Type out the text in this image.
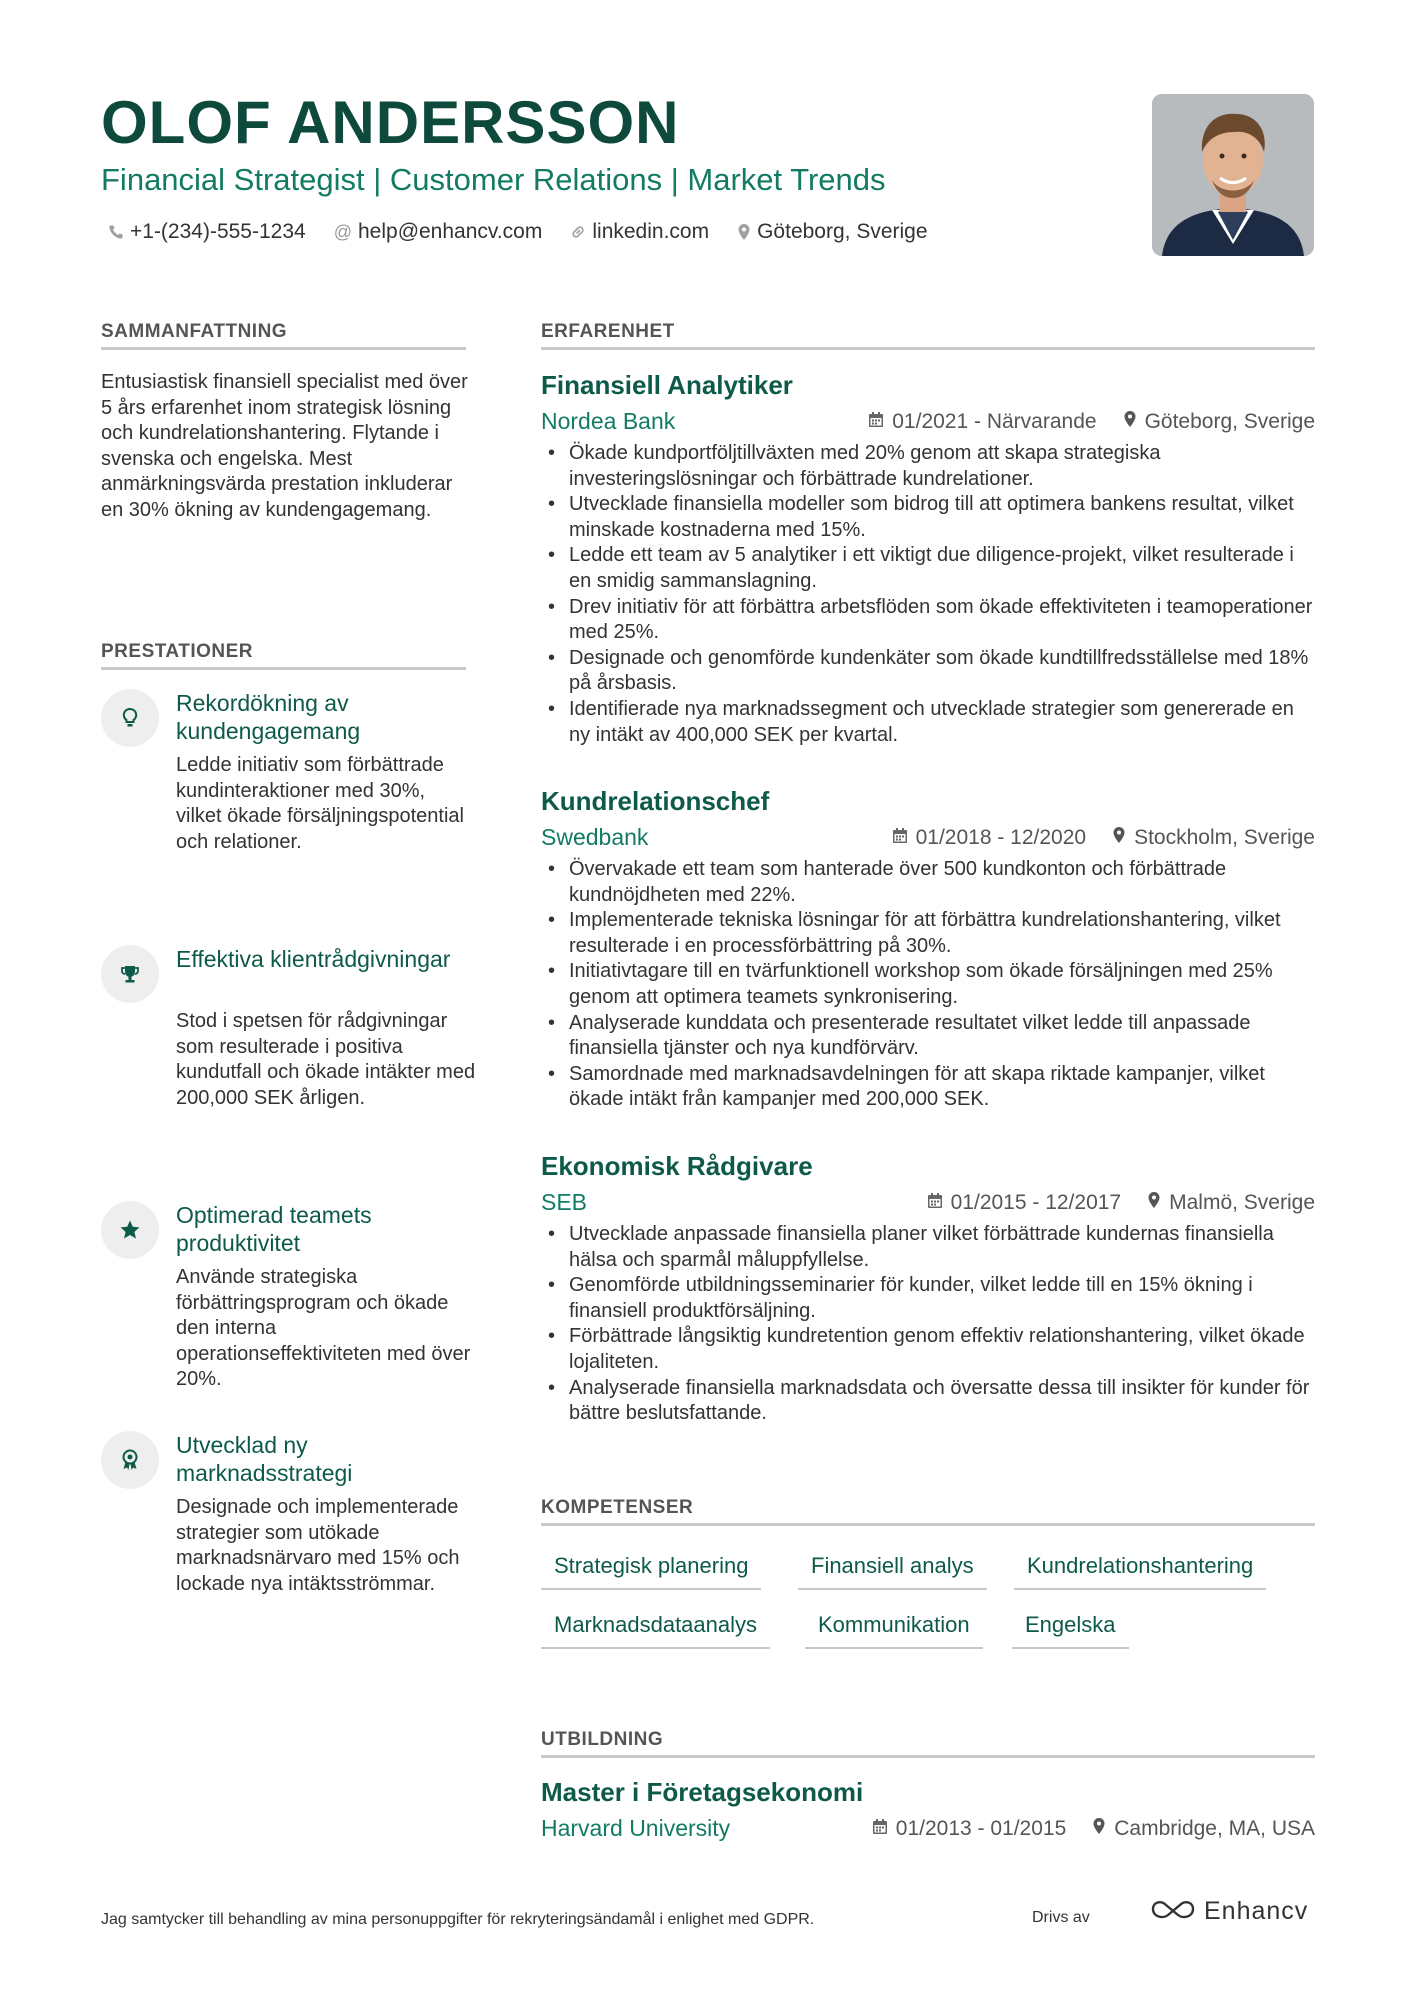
OLOF ANDERSSON

Financial Strategist | Customer Relations | Market Trends

+1-(234)-555-1234 @ help@enhancv.com linkedin.com Göteborg, Sverige
SAMMANFATTNING

Entusiastisk finansiell specialist med över 5 års erfarenhet inom strategisk lösning och kundrelationshantering. Flytande i svenska och engelska. Mest anmärkningsvärda prestation inkluderar en 30% ökning av kundengagemang.

PRESTATIONER

Rekordökning av kundengagemang

Ledde initiativ som förbättrade kundinteraktioner med 30%, vilket ökade försäljningspotential och relationer.

Effektiva klientrådgivningar

Stod i spetsen för rådgivningar som resulterade i positiva kundutfall och ökade intäkter med 200,000 SEK årligen.

Optimerad teamets produktivitet

Använde strategiska förbättringsprogram och ökade den interna operationseffektiviteten med över 20%.

Utvecklad ny marknadsstrategi

Designade och implementerade strategier som utökade marknadsnärvaro med 15% och lockade nya intäktsströmmar.

ERFARENHET
Finansiell Analytiker

Nordea Bank	01/2021 - Närvarande Göteborg, Sverige
• Ökade kundportföljtillväxten med 20% genom att skapa strategiska investeringslösningar och förbättrade kundrelationer.
• Utvecklade finansiella modeller som bidrog till att optimera bankens resultat, vilket minskade kostnaderna med 15%.
• Ledde ett team av 5 analytiker i ett viktigt due diligence-projekt, vilket resulterade i en smidig sammanslagning.
• Drev initiativ för att förbättra arbetsflöden som ökade effektiviteten i teamoperationer med 25%.
• Designade och genomförde kundenkäter som ökade kundtillfredsställelse med 18% på årsbasis.
• Identifierade nya marknadssegment och utvecklade strategier som genererade en ny intäkt av 400,000 SEK per kvartal.
Kundrelationschef

Swedbank	01/2018 - 12/2020 Stockholm, Sverige
• Övervakade ett team som hanterade över 500 kundkonton och förbättrade kundnöjdheten med 22%.
• Implementerade tekniska lösningar för att förbättra kundrelationshantering, vilket resulterade i en processförbättring på 30%.
• Initiativtagare till en tvärfunktionell workshop som ökade försäljningen med 25% genom att optimera teamets synkronisering.
• Analyserade kunddata och presenterade resultatet vilket ledde till anpassade finansiella tjänster och nya kundförvärv.
• Samordnade med marknadsavdelningen för att skapa riktade kampanjer, vilket ökade intäkt från kampanjer med 200,000 SEK.
Ekonomisk Rådgivare

SEB	01/2015 - 12/2017 Malmö, Sverige
• Utvecklade anpassade finansiella planer vilket förbättrade kundernas finansiella hälsa och sparmål måluppfyllelse.
• Genomförde utbildningsseminarier för kunder, vilket ledde till en 15% ökning i finansiell produktförsäljning.
• Förbättrade långsiktig kundretention genom effektiv relationshantering, vilket ökade lojaliteten.
• Analyserade finansiella marknadsdata och översatte dessa till insikter för kunder för bättre beslutsfattande.
KOMPETENSER
Strategisk planering	Finansiell analys	Kundrelationshantering
Marknadsdataanalys	Kommunikation	Engelska
UTBILDNING
Master i Företagsekonomi

Harvard University	01/2013 - 01/2015 Cambridge, MA, USA

Jag samtycker till behandling av mina personuppgifter för rekryteringsändamål i enlighet med GDPR.	Drivs av	Enhancv
